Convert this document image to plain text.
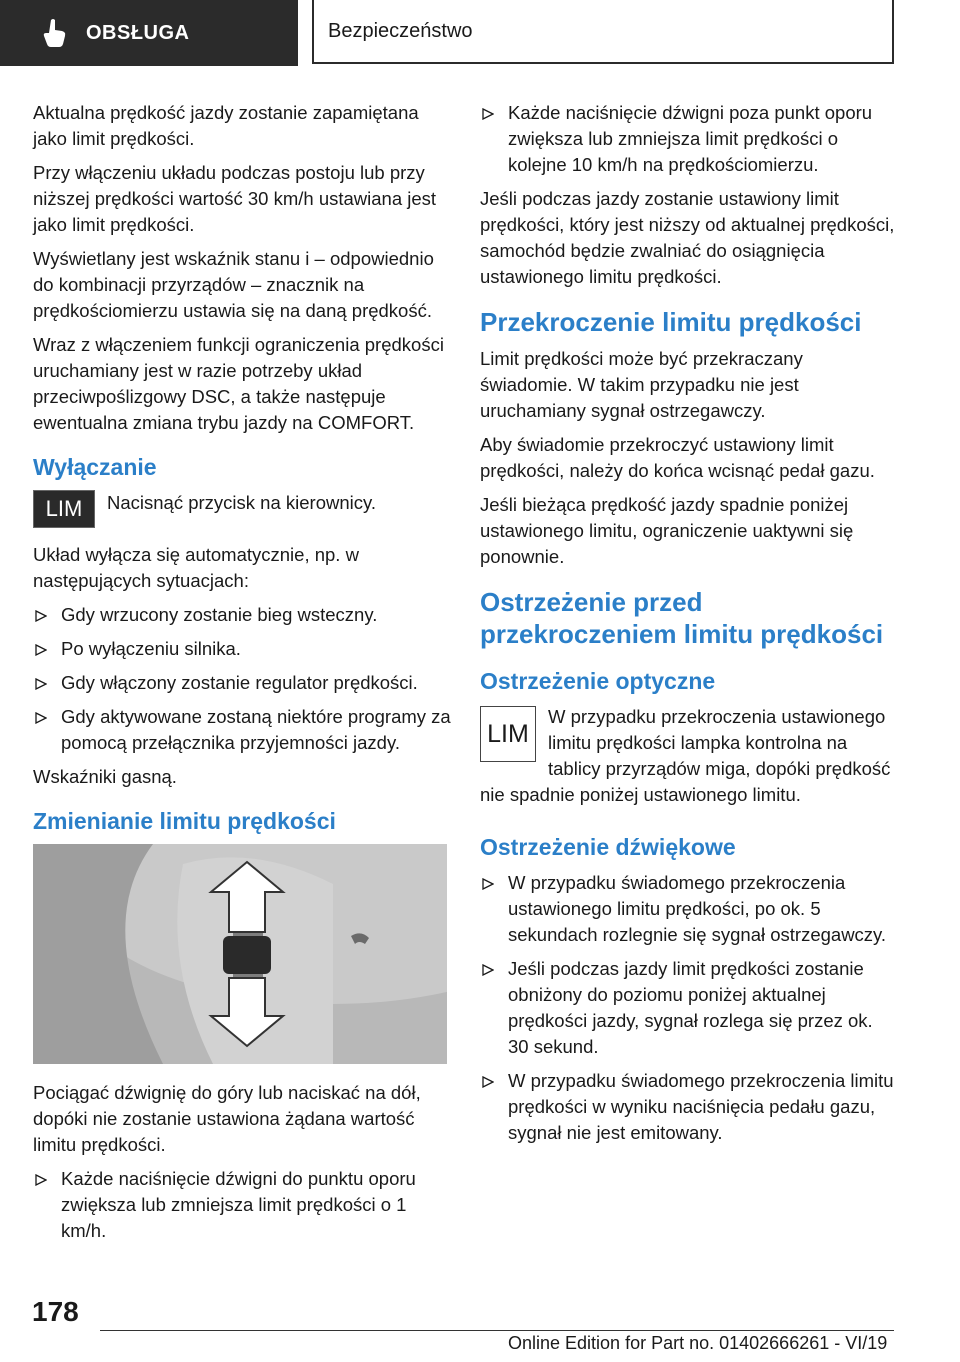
OBSŁUGA	Bezpieczeństwo

Aktualna prędkość jazdy zostanie zapamiętana jako limit prędkości.

Przy włączeniu układu podczas postoju lub przy niższej prędkości wartość 30 km/h ustawiana jest jako limit prędkości.

Wyświetlany jest wskaźnik stanu i – odpowiednio do kombinacji przyrządów – znacznik na prędkościomierzu ustawia się na daną prędkość.

Wraz z włączeniem funkcji ograniczenia prędkości uruchamiany jest w razie potrzeby układ przeciwpoślizgowy DSC, a także następuje ewentualna zmiana trybu jazdy na COMFORT.

Wyłączanie
LIM	Nacisnąć przycisk na kierownicy.

Układ wyłącza się automatycznie, np. w następujących sytuacjach:

Gdy wrzucony zostanie bieg wsteczny.
Po wyłączeniu silnika.
Gdy włączony zostanie regulator prędkości.
Gdy aktywowane zostaną niektóre programy za pomocą przełącznika przyjemności jazdy.

Wskaźniki gasną.

Zmienianie limitu prędkości

Pociągać dźwignię do góry lub naciskać na dół, dopóki nie zostanie ustawiona żądana wartość limitu prędkości.

Każde naciśnięcie dźwigni do punktu oporu zwiększa lub zmniejsza limit prędkości o 1 km/h.
Każde naciśnięcie dźwigni poza punkt oporu zwiększa lub zmniejsza limit prędkości o kolejne 10 km/h na prędkościomierzu.

Jeśli podczas jazdy zostanie ustawiony limit prędkości, który jest niższy od aktualnej prędkości, samochód będzie zwalniać do osiągnięcia ustawionego limitu prędkości.

Przekroczenie limitu prędkości

Limit prędkości może być przekraczany świadomie. W takim przypadku nie jest uruchamiany sygnał ostrzegawczy.

Aby świadomie przekroczyć ustawiony limit prędkości, należy do końca wcisnąć pedał gazu.

Jeśli bieżąca prędkość jazdy spadnie poniżej ustawionego limitu, ograniczenie uaktywni się ponownie.

Ostrzeżenie przed przekroczeniem limitu prędkości
Ostrzeżenie optyczne
LIM

W przypadku przekroczenia ustawionego limitu prędkości lampka kontrolna na tablicy przyrządów miga, dopóki prędkość nie spadnie poniżej ustawionego limitu.

Ostrzeżenie dźwiękowe
W przypadku świadomego przekroczenia ustawionego limitu prędkości, po ok. 5 sekundach rozlegnie się sygnał ostrzegawczy.
Jeśli podczas jazdy limit prędkości zostanie obniżony do poziomu poniżej aktualnej prędkości jazdy, sygnał rozlega się przez ok. 30 sekund.
W przypadku świadomego przekroczenia limitu prędkości w wyniku naciśnięcia pedału gazu, sygnał nie jest emitowany.
178
Online Edition for Part no. 01402666261 - VI/19
